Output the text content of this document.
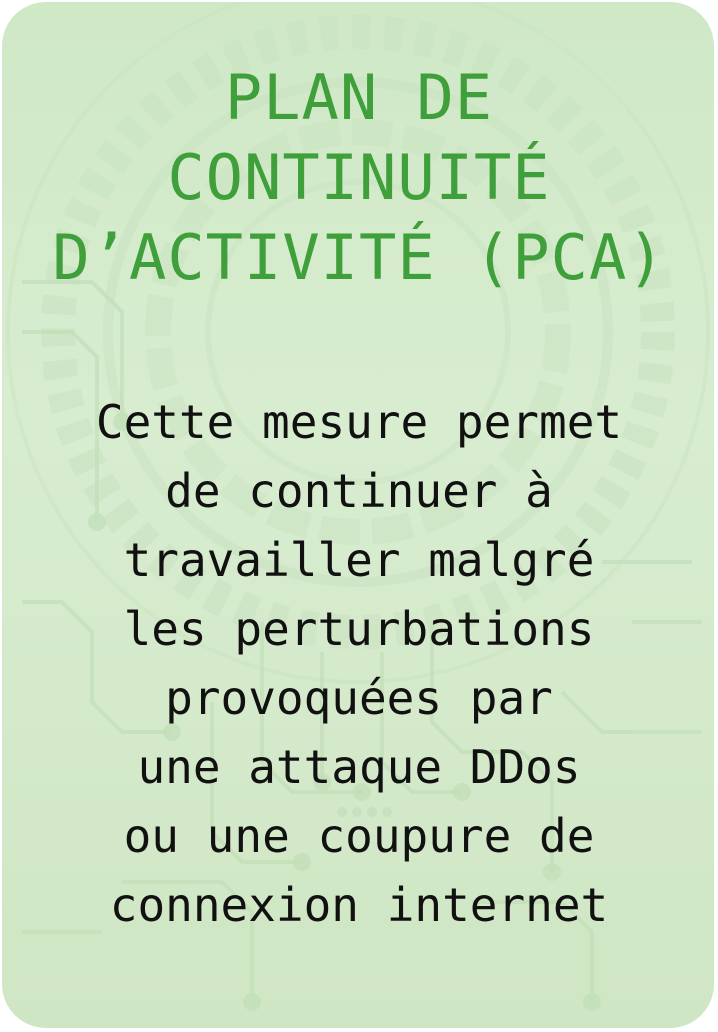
PLAN DE
CONTINUITÉ
D’ACTIVITÉ (PCA)
Cette mesure permet
de continuer à
travailler malgré
les perturbations
provoquées par
une attaque DDos
ou une coupure de
connexion internet
